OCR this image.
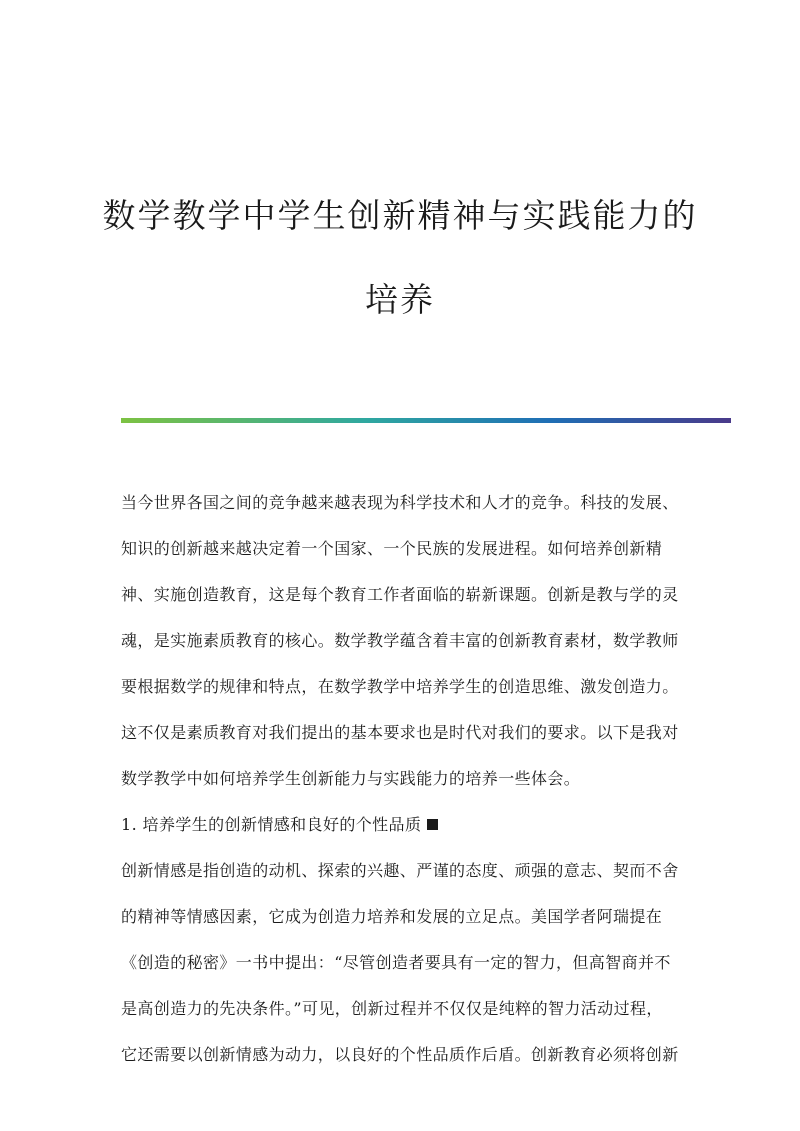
数学教学中学生创新精神与实践能力的
培养
当今世界各国之间的竞争越来越表现为科学技术和人才的竞争。科技的发展、
知识的创新越来越决定着一个国家、一个民族的发展进程。如何培养创新精
神、实施创造教育，这是每个教育工作者面临的崭新课题。创新是教与学的灵
魂，是实施素质教育的核心。数学教学蕴含着丰富的创新教育素材，数学教师
要根据数学的规律和特点，在数学教学中培养学生的创造思维、激发创造力。
这不仅是素质教育对我们提出的基本要求也是时代对我们的要求。以下是我对
数学教学中如何培养学生创新能力与实践能力的培养一些体会。
1. 培养学生的创新情感和良好的个性品质
创新情感是指创造的动机、探索的兴趣、严谨的态度、顽强的意志、契而不舍
的精神等情感因素，它成为创造力培养和发展的立足点。美国学者阿瑞提在
《创造的秘密》一书中提出：“尽管创造者要具有一定的智力，但高智商并不
是高创造力的先决条件。”可见，创新过程并不仅仅是纯粹的智力活动过程，
它还需要以创新情感为动力，以良好的个性品质作后盾。创新教育必须将创新
